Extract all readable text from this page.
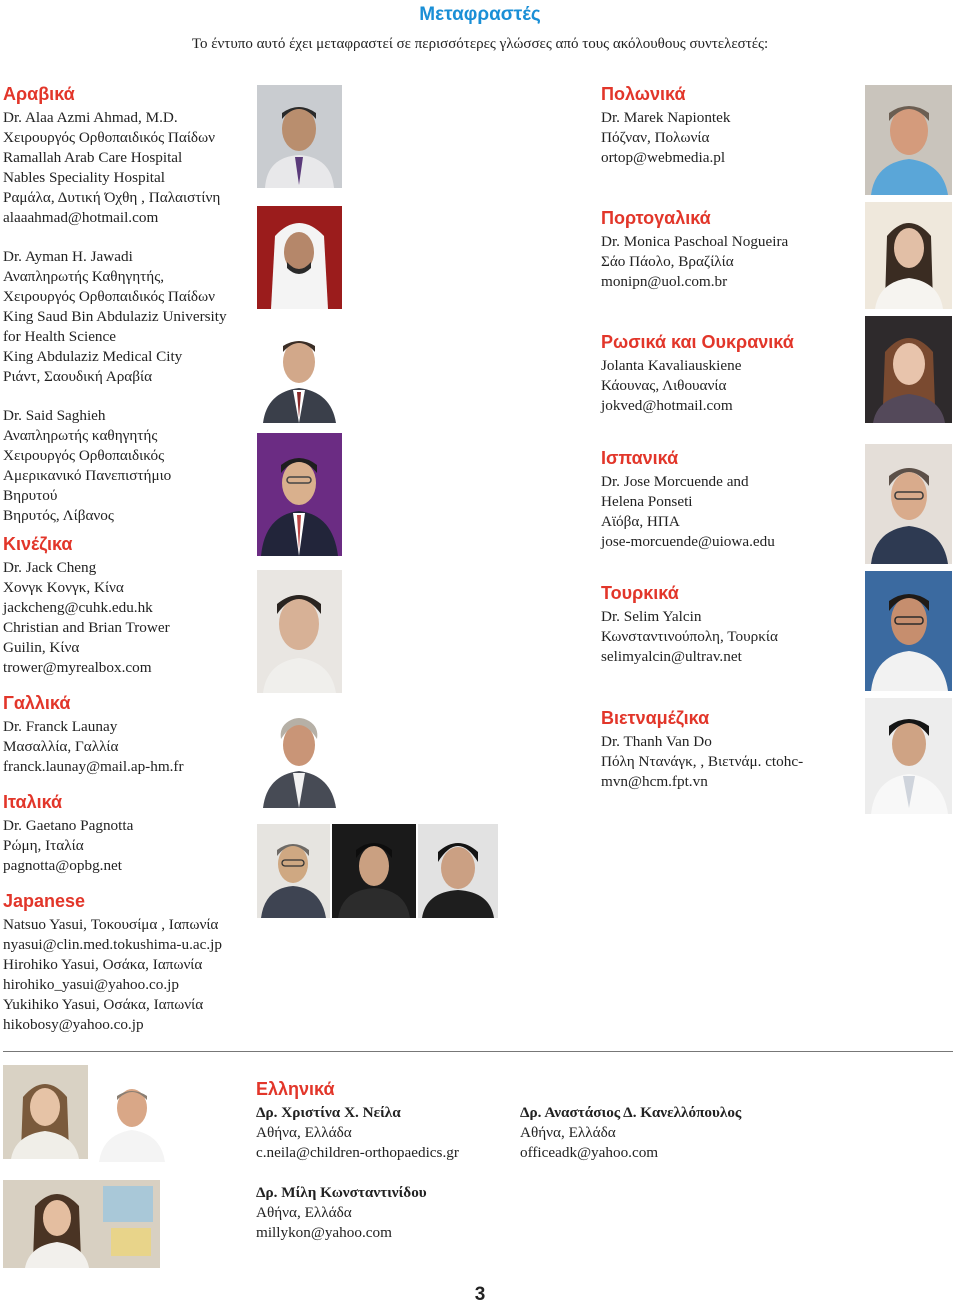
Μεταφραστές
Το έντυπο αυτό έχει μεταφραστεί σε περισσότερες γλώσσες από τους ακόλουθους συντελεστές:
Αραβικά
Dr. Alaa Azmi Ahmad, M.D.
Χειρουργός Ορθοπαιδικός Παίδων
Ramallah Arab Care Hospital
Nables Speciality Hospital
Ραμάλα, Δυτική Όχθη , Παλαιστίνη
alaaahmad@hotmail.com
Dr. Ayman H. Jawadi
Αναπληρωτής Καθηγητής,
Χειρουργός Ορθοπαιδικός Παίδων
King Saud Bin Abdulaziz University
for Health Science
King Abdulaziz Medical City
Ριάντ, Σαουδική Αραβία
Dr. Said Saghieh
Αναπληρωτής καθηγητής
Χειρουργός Ορθοπαιδικός
Αμερικανικό Πανεπιστήμιο
Βηρυτού
Βηρυτός, Λίβανος
Κινέζικα
Dr. Jack Cheng
Χονγκ Κονγκ, Κίνα
jackcheng@cuhk.edu.hk
Christian and Brian Trower
Guilin, Κίνα
trower@myrealbox.com
Γαλλικά
Dr. Franck Launay
Μασαλλία, Γαλλία
franck.launay@mail.ap-hm.fr
Ιταλικά
Dr. Gaetano Pagnotta
Ρώμη, Ιταλία
pagnotta@opbg.net
Japanese
Natsuo Yasui, Τοκουσίμα , Ιαπωνία
nyasui@clin.med.tokushima-u.ac.jp
Hirohiko Yasui, Οσάκα, Ιαπωνία
hirohiko_yasui@yahoo.co.jp
Yukihiko Yasui, Οσάκα, Ιαπωνία
hikobosy@yahoo.co.jp
Πολωνικά
Dr. Marek Napiontek
Πόζναν, Πολωνία
ortop@webmedia.pl
Πορτογαλικά
Dr. Monica Paschoal Nogueira
Σάο Πάολο, Βραζίλία
monipn@uol.com.br
Ρωσικά και Ουκρανικά
Jolanta Kavaliauskiene
Κάουνας, Λιθουανία
jokved@hotmail.com
Ισπανικά
Dr. Jose Morcuende and
Helena Ponseti
Αϊόβα, ΗΠΑ
jose-morcuende@uiowa.edu
Τουρκικά
Dr. Selim Yalcin
Κωνσταντινούπολη, Τουρκία
selimyalcin@ultrav.net
Βιετναμέζικα
Dr. Thanh Van Do
Πόλη Ντανάγκ, , Βιετνάμ. ctohc-
mvn@hcm.fpt.vn
Ελληνικά
Δρ. Χριστίνα Χ. Νείλα
Αθήνα, Ελλάδα
c.neila@children-orthopaedics.gr
Δρ. Αναστάσιος Δ. Κανελλόπουλος
Αθήνα, Ελλάδα
officeadk@yahoo.com
Δρ. Μίλη Κωνσταντινίδου
Αθήνα, Ελλάδα
millykon@yahoo.com
3
